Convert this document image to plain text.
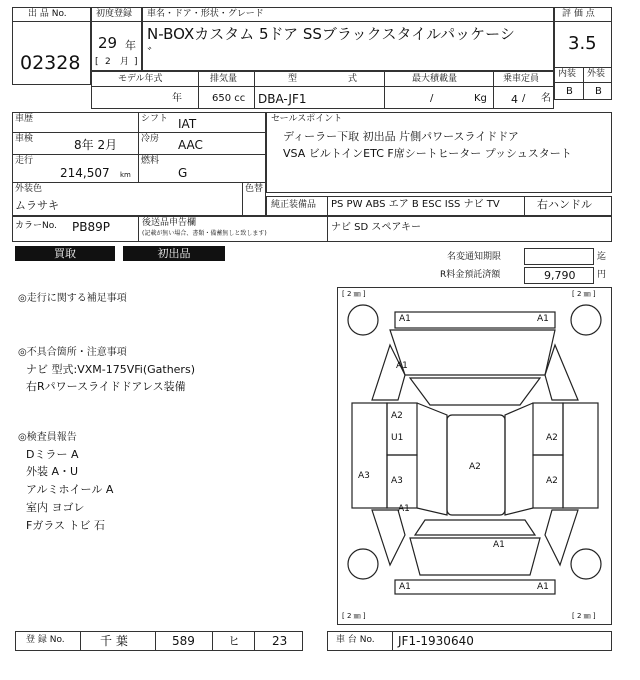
出 品 No.
02328
初度登録
29 年
[ 2 月 ]
車名・ドア・形状・グレード
N-BOXカスタム 5ドア SSブラックスタイルパッケーシ
゛
評 価 点
3.5
内装 外装
B B
モデル年式
年
排気量
650 cc
型	式
DBA-JF1
最大積載量
/	Kg
乗車定員
4 / 名
車歴	シフト IAT
車検	8年 2月	冷房 AAC
走行
214,507 km
燃料
G
外装色
ムラサキ
色替
セールスポイント
ディーラー下取 初出品 片側パワースライドドア
VSA ビルトインETC F席シートヒーター プッシュスタート
純正装備品 PS PW ABS エア B ESC ISS ナビ TV	右ハンドル
カラーNo. PB89P	後送品申告欄
(記載が無い場合、書類・備蓄無しと致します)
ナビ SD スペアキー
買取	初出品	名変通知期限	迄
R料金預託済額	9,790 円
◎走行に関する補足事項
◎不具合箇所・注意事項
ナビ 型式:VXM-175VFi(Gathers)
右Rパワースライドドアレス装備
◎検査員報告
Dミラー A
外装 A・U
アルミホイール A
室内 ヨゴレ
Fガラス トビ 石
[ 2 ㎜ ]	[ 2 ㎜ ]
[ 2 ㎜ ]	[ 2 ㎜ ]
A1	A1
A1
A2
U1	A2
A2
A3 A3	A2
A1
A1
A1	A1
登 録 No.	千 葉	589	ヒ	23	車 台 No. JF1-1930640
